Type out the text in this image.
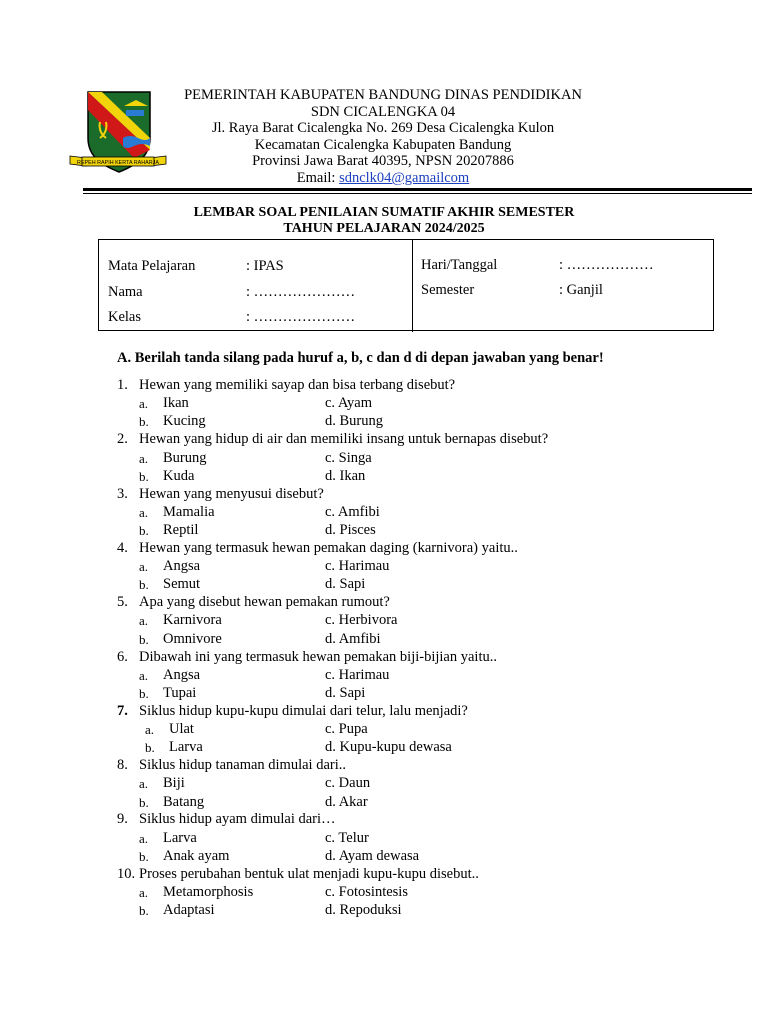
REPEH RAPIH KERTA RAHARJA
PEMERINTAH KABUPATEN BANDUNG DINAS PENDIDIKAN
SDN CICALENGKA 04
Jl. Raya Barat Cicalengka No. 269 Desa Cicalengka Kulon
Kecamatan Cicalengka Kabupaten Bandung
Provinsi Jawa Barat 40395, NPSN 20207886
Email: sdnclk04@gamailcom
LEMBAR SOAL PENILAIAN SUMATIF AKHIR SEMESTER
TAHUN PELAJARAN 2024/2025
Mata Pelajaran	: IPAS
Nama	: …………………
Kelas	: …………………
Hari/Tanggal	: ………………
Semester	: Ganjil
A. Berilah tanda silang pada huruf a, b, c dan d di depan jawaban yang benar!
1. Hewan yang memiliki sayap dan bisa terbang disebut?
a. Ikan	c. Ayam
b. Kucing	d. Burung
2. Hewan yang hidup di air dan memiliki insang untuk bernapas disebut?
a. Burung	c. Singa
b. Kuda	d. Ikan
3. Hewan yang menyusui disebut?
a. Mamalia	c. Amfibi
b. Reptil	d. Pisces
4. Hewan yang termasuk hewan pemakan daging (karnivora) yaitu..
a. Angsa	c. Harimau
b. Semut	d. Sapi
5. Apa yang disebut hewan pemakan rumout?
a. Karnivora	c. Herbivora
b. Omnivore	d. Amfibi
6. Dibawah ini yang termasuk hewan pemakan biji-bijian yaitu..
a. Angsa	c. Harimau
b. Tupai	d. Sapi
7. Siklus hidup kupu-kupu dimulai dari telur, lalu menjadi?
a. Ulat	c. Pupa
b. Larva	d. Kupu-kupu dewasa
8. Siklus hidup tanaman dimulai dari..
a. Biji	c. Daun
b. Batang	d. Akar
9. Siklus hidup ayam dimulai dari…
a. Larva	c. Telur
b. Anak ayam	d. Ayam dewasa
10. Proses perubahan bentuk ulat menjadi kupu-kupu disebut..
a. Metamorphosis	c. Fotosintesis
b. Adaptasi	d. Repoduksi
